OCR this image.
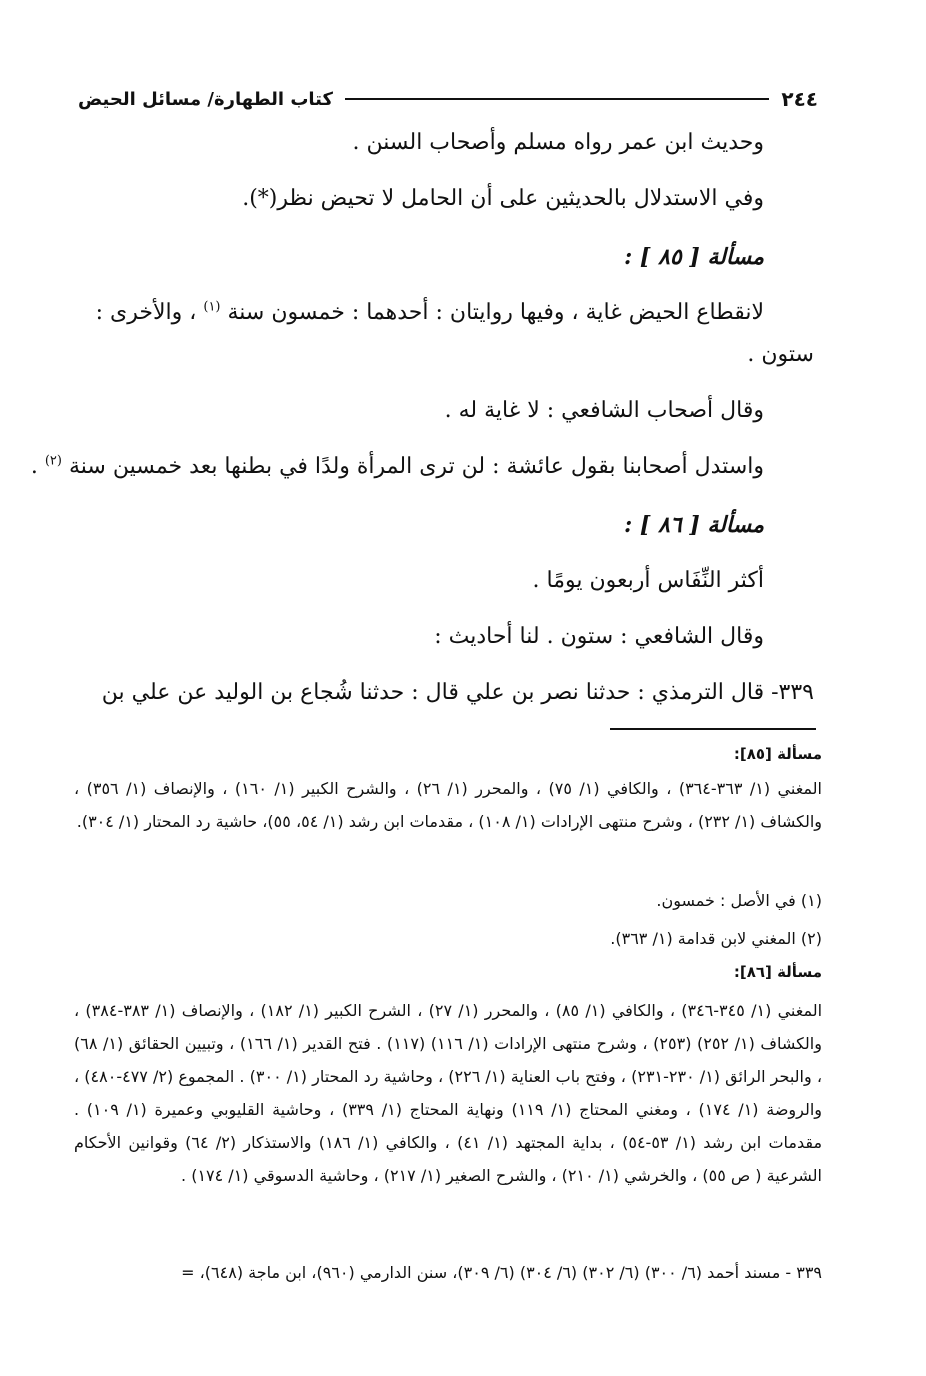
٢٤٤
كتاب الطهارة/ مسائل الحيض
وحديث ابن عمر رواه مسلم وأصحاب السنن .
وفي الاستدلال بالحديثين على أن الحامل لا تحيض نظر(*).
مسألة [ ٨٥ ] :
لانقطاع الحيض غاية ، وفيها روايتان : أحدهما : خمسون سنة $^{(١)}$ ، والأخرى :
ستون .
وقال أصحاب الشافعي : لا غاية له .
واستدل أصحابنا بقول عائشة : لن ترى المرأة ولدًا في بطنها بعد خمسين سنة $^{(٢)}$ .
مسألة [ ٨٦ ] :
أكثر النِّفَاس أربعون يومًا .
وقال الشافعي : ستون . لنا أحاديث :
٣٣٩- قال الترمذي : حدثنا نصر بن علي قال : حدثنا شُجاع بن الوليد عن علي بن
مسألة [٨٥]:
المغني (١/ ٣٦٣-٣٦٤) ، والكافي (١/ ٧٥) ، والمحرر (١/ ٢٦) ، والشرح الكبير (١/ ١٦٠) ، والإنصاف (١/ ٣٥٦) ، والكشاف (١/ ٢٣٢) ، وشرح منتهى الإرادات (١/ ١٠٨) ، مقدمات ابن رشد (١/ ٥٤، ٥٥)، حاشية رد المحتار (١/ ٣٠٤).
(١) في الأصل : خمسون.
(٢) المغني لابن قدامة (١/ ٣٦٣).
مسألة [٨٦]:
المغني (١/ ٣٤٥-٣٤٦) ، والكافي (١/ ٨٥) ، والمحرر (١/ ٢٧) ، الشرح الكبير (١/ ١٨٢) ، والإنصاف (١/ ٣٨٣-٣٨٤) ، والكشاف (١/ ٢٥٢) (٢٥٣) ، وشرح منتهى الإرادات (١/ ١١٦) (١١٧) . فتح القدير (١/ ١٦٦) ، وتبيين الحقائق (١/ ٦٨) ، والبحر الرائق (١/ ٢٣٠-٢٣١) ، وفتح باب العناية (١/ ٢٢٦) ، وحاشية رد المحتار (١/ ٣٠٠) . المجموع (٢/ ٤٧٧-٤٨٠) ، والروضة (١/ ١٧٤) ، ومغني المحتاج (١/ ١١٩) ونهاية المحتاج (١/ ٣٣٩) ، وحاشية القليوبي وعميرة (١/ ١٠٩) . مقدمات ابن رشد (١/ ٥٣-٥٤) ، بداية المجتهد (١/ ٤١) ، والكافي (١/ ١٨٦) والاستذكار (٢/ ٦٤) وقوانين الأحكام الشرعية ( ص ٥٥) ، والخرشي (١/ ٢١٠) ، والشرح الصغير (١/ ٢١٧) ، وحاشية الدسوقي (١/ ١٧٤) .
٣٣٩ - مسند أحمد (٦/ ٣٠٠) (٦/ ٣٠٢) (٦/ ٣٠٤) (٦/ ٣٠٩)، سنن الدارمي (٩٦٠)، ابن ماجة (٦٤٨)، =
